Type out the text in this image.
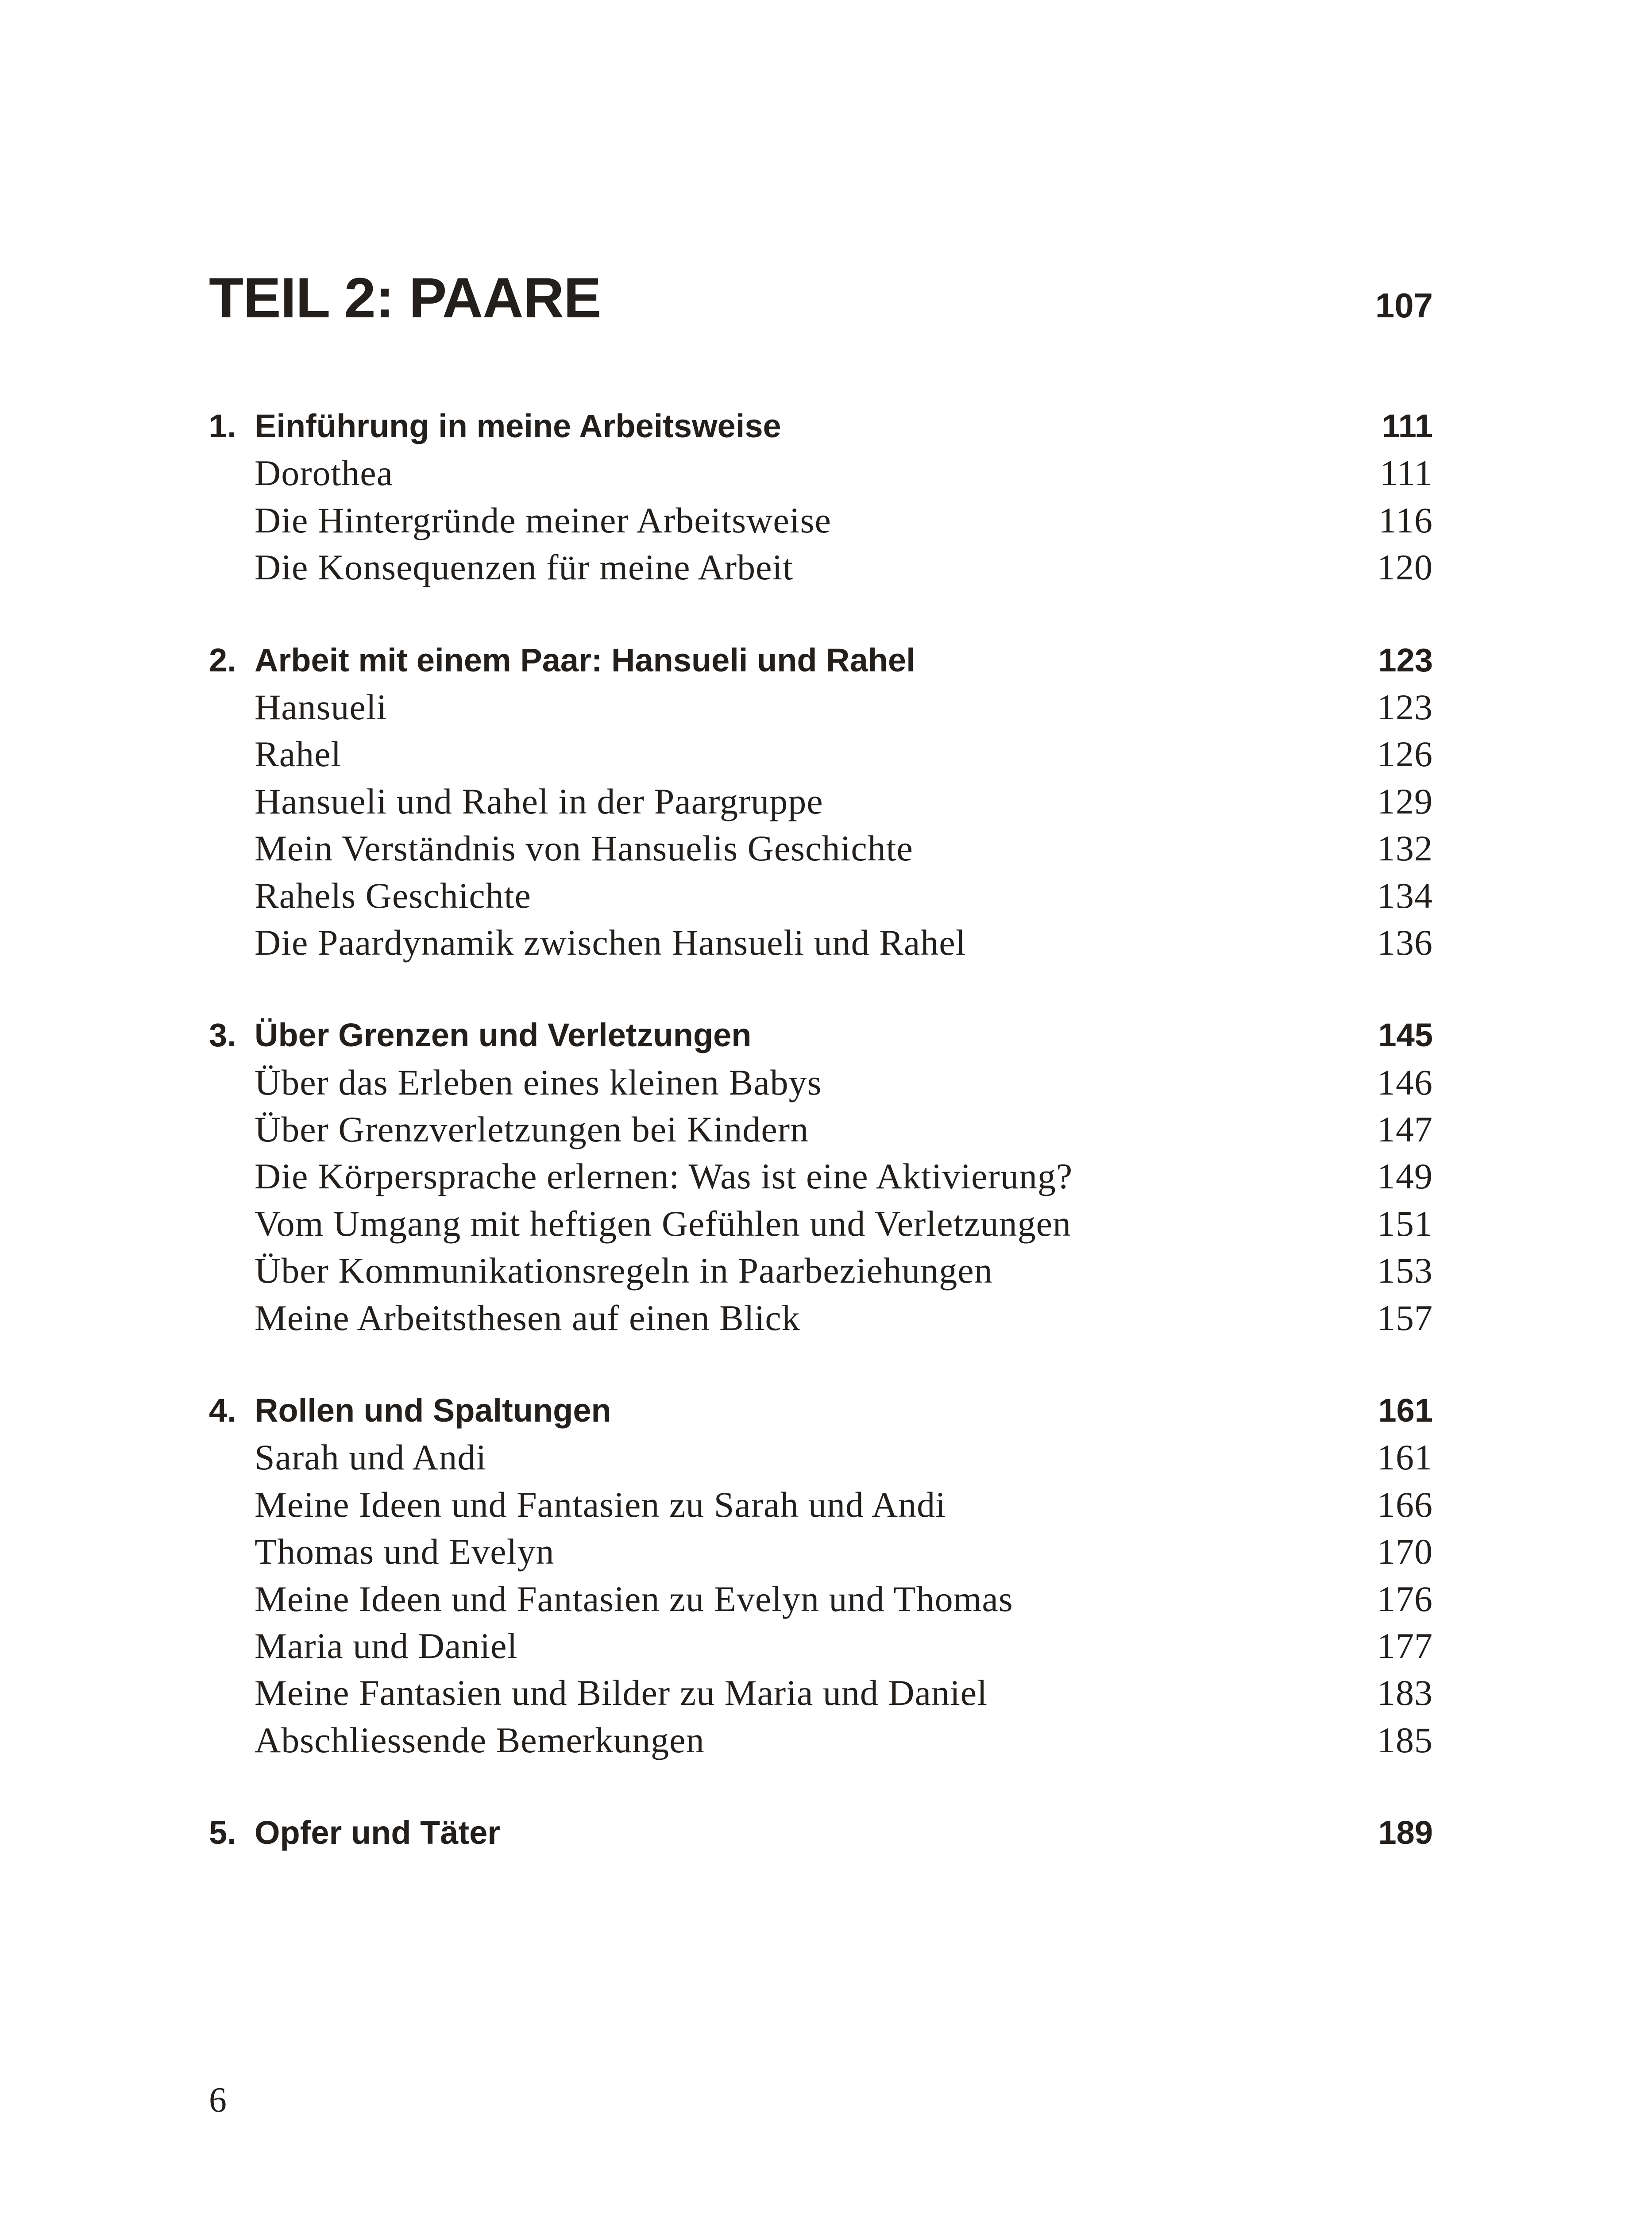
TEIL 2: PAARE	107
1. Einführung in meine Arbeitsweise	111
Dorothea	111
Die Hintergründe meiner Arbeitsweise	116
Die Konsequenzen für meine Arbeit	120
2. Arbeit mit einem Paar: Hansueli und Rahel	123
Hansueli	123
Rahel	126
Hansueli und Rahel in der Paargruppe	129
Mein Verständnis von Hansuelis Geschichte	132
Rahels Geschichte	134
Die Paardynamik zwischen Hansueli und Rahel	136
3. Über Grenzen und Verletzungen	145
Über das Erleben eines kleinen Babys	146
Über Grenzverletzungen bei Kindern	147
Die Körpersprache erlernen: Was ist eine Aktivierung?	149
Vom Umgang mit heftigen Gefühlen und Verletzungen	151
Über Kommunikationsregeln in Paarbeziehungen	153
Meine Arbeitsthesen auf einen Blick	157
4. Rollen und Spaltungen	161
Sarah und Andi	161
Meine Ideen und Fantasien zu Sarah und Andi	166
Thomas und Evelyn	170
Meine Ideen und Fantasien zu Evelyn und Thomas	176
Maria und Daniel	177
Meine Fantasien und Bilder zu Maria und Daniel	183
Abschliessende Bemerkungen	185
5. Opfer und Täter	189
6
